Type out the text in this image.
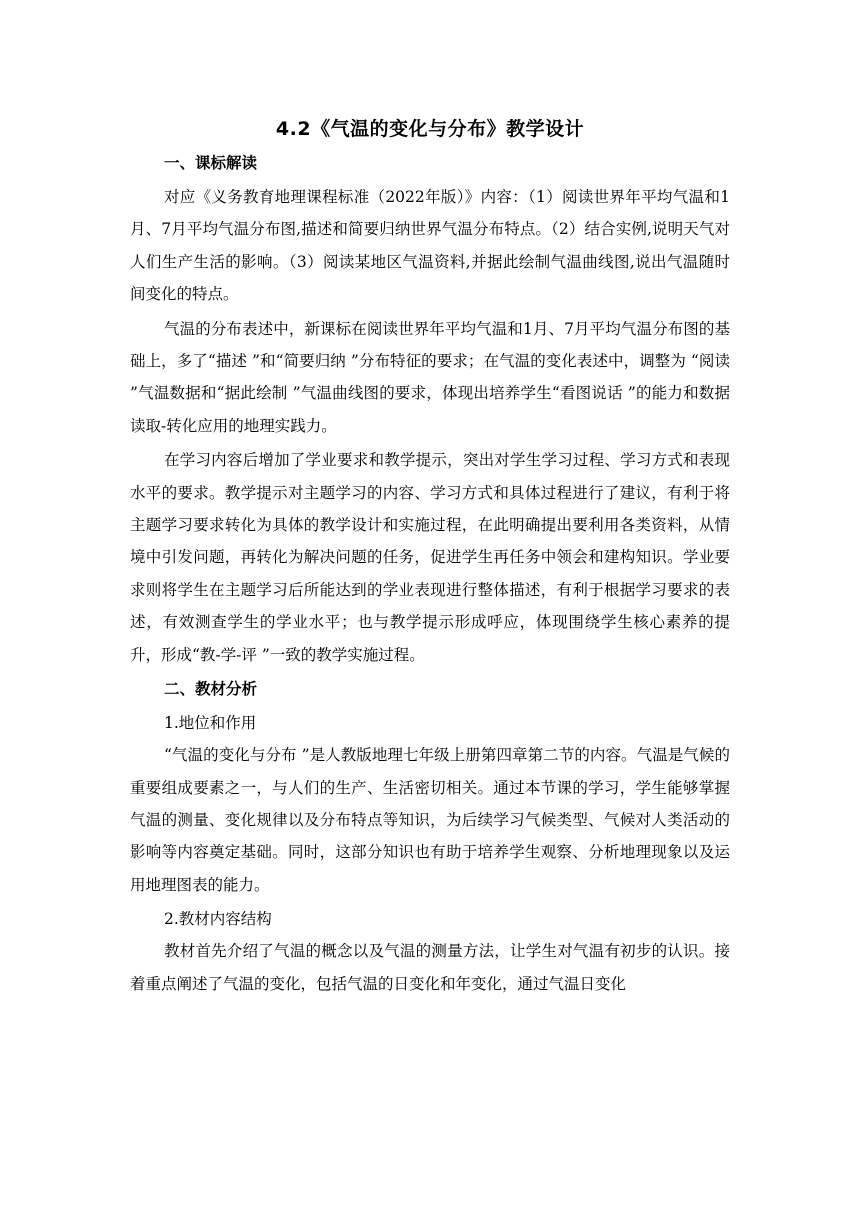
4.2《气温的变化与分布》教学设计
一、课标解读

对应《义务教育地理课程标准（2022年版）》内容：（1）阅读世界年平均气温和1月、7月平均气温分布图,描述和简要归纳世界气温分布特点。（2）结合实例,说明天气对人们生产生活的影响。（3）阅读某地区气温资料,并据此绘制气温曲线图,说出气温随时间变化的特点。

气温的分布表述中，新课标在阅读世界年平均气温和1月、7月平均气温分布图的基础上，多了“描述 ”和“简要归纳 ”分布特征的要求；在气温的变化表述中，调整为 “阅读 ”气温数据和“据此绘制 ”气温曲线图的要求，体现出培养学生“看图说话 ”的能力和数据读取-转化应用的地理实践力。

在学习内容后增加了学业要求和教学提示，突出对学生学习过程、学习方式和表现水平的要求。教学提示对主题学习的内容、学习方式和具体过程进行了建议，有利于将主题学习要求转化为具体的教学设计和实施过程，在此明确提出要利用各类资料，从情境中引发问题，再转化为解决问题的任务，促进学生再任务中领会和建构知识。学业要求则将学生在主题学习后所能达到的学业表现进行整体描述，有利于根据学习要求的表述，有效测查学生的学业水平；也与教学提示形成呼应，体现围绕学生核心素养的提升，形成“教-学-评 ”一致的教学实施过程。

二、教材分析
1.地位和作用

“气温的变化与分布 ”是人教版地理七年级上册第四章第二节的内容。气温是气候的重要组成要素之一，与人们的生产、生活密切相关。通过本节课的学习，学生能够掌握气温的测量、变化规律以及分布特点等知识，为后续学习气候类型、气候对人类活动的影响等内容奠定基础。同时，这部分知识也有助于培养学生观察、分析地理现象以及运用地理图表的能力。

2.教材内容结构

教材首先介绍了气温的概念以及气温的测量方法，让学生对气温有初步的认识。接着重点阐述了气温的变化，包括气温的日变化和年变化，通过气温日变化
